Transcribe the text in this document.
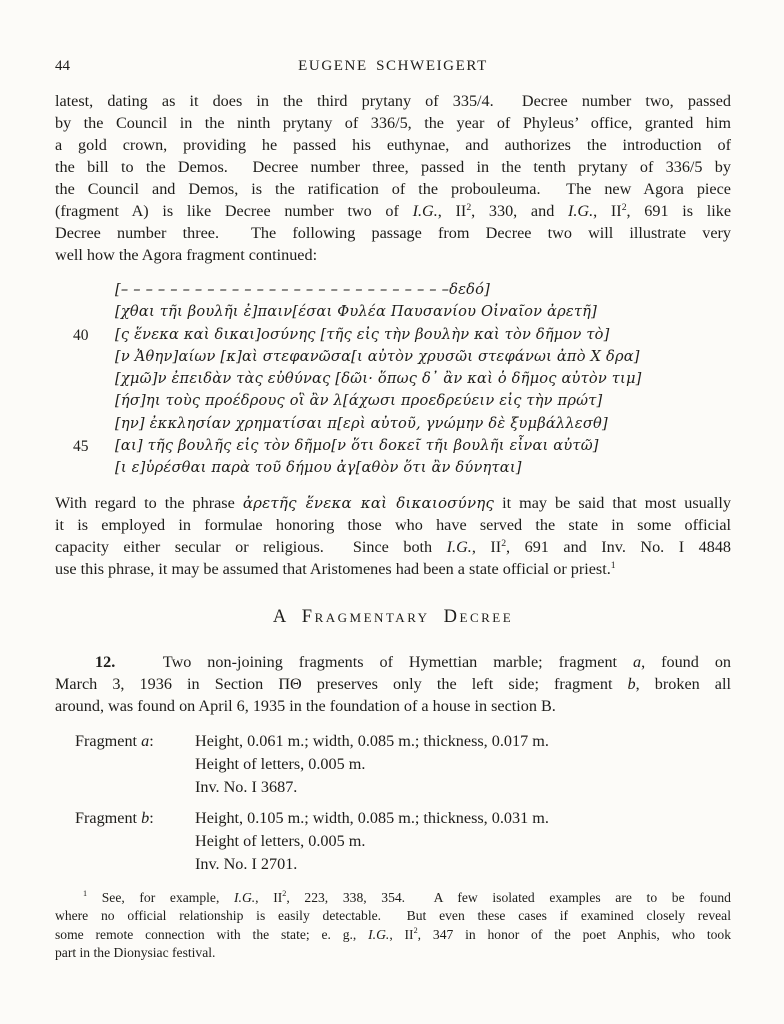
44	EUGENE SCHWEIGERT
latest, dating as it does in the third prytany of 335/4.  Decree number two, passed
by the Council in the ninth prytany of 336/5, the year of Phyleus’ office, granted him
a gold crown, providing he passed his euthynae, and authorizes the introduction of
the bill to the Demos.  Decree number three, passed in the tenth prytany of 336/5 by
the Council and Demos, is the ratification of the probouleuma.  The new Agora piece
(fragment A) is like Decree number two of I.G., $II^2$, 330, and I.G., $II^2$, 691 is like
Decree number three.  The following passage from Decree two will illustrate very
well how the Agora fragment continued:
[– – – – – – – – – – – – – – – – – – – – – – – – – – –δεδό]
[χθαι τῆι βουλῆι ἐ]παιν[έσαι Φυλέα Παυσανίου Οἰναῖον ἀρετῆ]
40 [ς ἕνεκα καὶ δικαι]οσύνης [τῆς εἰς τὴν βουλὴν καὶ τὸν δῆμον τὸ]
[ν Ἀθην]αίων [κ]αὶ στεφανῶσα[ι αὐτὸν χρυσῶι στεφάνωι ἀπὸ Χ δρα]
[χμῶ]ν ἐπειδὰν τὰς εὐθύνας [δῶι· ὅπως δ᾽ ἂν καὶ ὁ δῆμος αὐτὸν τιμ]
[ήσ]ηι τοὺς προέδρους οἳ ἂν λ[άχωσι προεδρεύειν εἰς τὴν πρώτ]
[ην] ἐκκλησίαν χρηματίσαι π[ερὶ αὐτοῦ, γνώμην δὲ ξυμβάλλεσθ]
45 [αι] τῆς βουλῆς εἰς τὸν δῆμο[ν ὅτι δοκεῖ τῆι βουλῆι εἶναι αὐτῶ]
[ι ε]ὑρέσθαι παρὰ τοῦ δήμου ἀγ[αθὸν ὅτι ἂν δύνηται]
With regard to the phrase ἀρετῆς ἕνεκα καὶ δικαιοσύνης it may be said that most usually
it is employed in formulae honoring those who have served the state in some official
capacity either secular or religious.  Since both I.G., $II^2$, 691 and Inv. No. I 4848
use this phrase, it may be assumed that Aristomenes had been a state official or priest.$^1$
A Fragmentary Decree
12.   Two non-joining fragments of Hymettian marble; fragment a, found on
March 3, 1936 in Section ΠΘ preserves only the left side; fragment b, broken all
around, was found on April 6, 1935 in the foundation of a house in section B.
Fragment a:	Height, 0.061 m.; width, 0.085 m.; thickness, 0.017 m.
Height of letters, 0.005 m.
Inv. No. I 3687.
Fragment b:	Height, 0.105 m.; width, 0.085 m.; thickness, 0.031 m.
Height of letters, 0.005 m.
Inv. No. I 2701.
$^1$ See, for example, I.G., $II^2$, 223, 338, 354.  A few isolated examples are to be found
where no official relationship is easily detectable.  But even these cases if examined closely reveal
some remote connection with the state; e. g., I.G., $II^2$, 347 in honor of the poet Anphis, who took
part in the Dionysiac festival.
